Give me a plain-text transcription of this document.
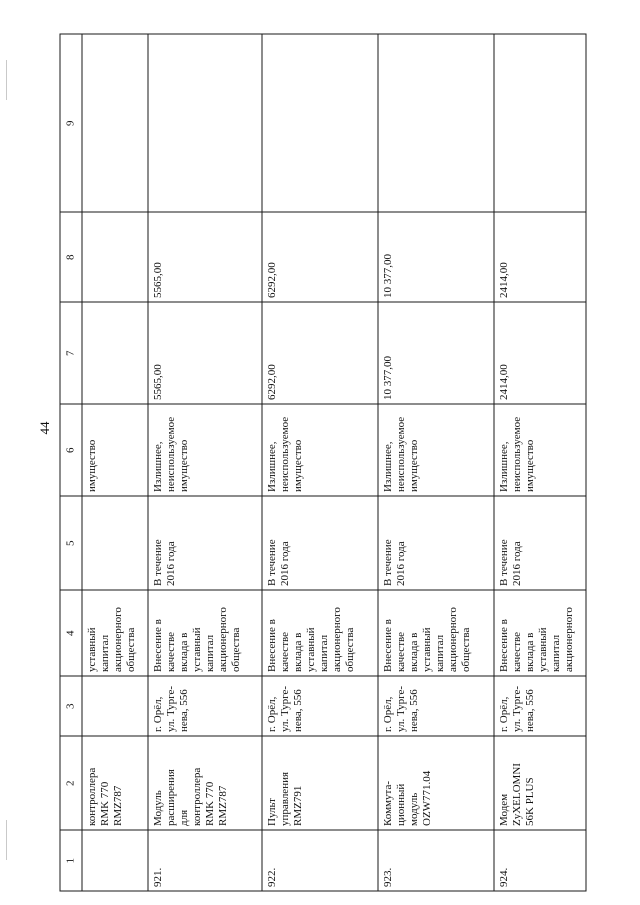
44
1
2
3
4
5
6
7
8
9
контроллера
RMK 770
RMZ787
уставный
капитал
акционерного
общества
имущество
921.
Модуль
расширения
для
контроллера
RMK 770
RMZ787
г. Орёл,
ул. Турге-
нева, 556
Внесение в
качестве
вклада в
уставный
капитал
акционерного
общества
В течение
2016 года
Излишнее,
неиспользуемое
имущество
5565,00
5565,00
922.
Пульт
управления
RMZ791
г. Орёл,
ул. Турге-
нева, 556
Внесение в
качестве
вклада в
уставный
капитал
акционерного
общества
В течение
2016 года
Излишнее,
неиспользуемое
имущество
6292,00
6292,00
923.
Коммута-
ционный
модуль
OZW771.04
г. Орёл,
ул. Турге-
нева, 556
Внесение в
качестве
вклада в
уставный
капитал
акционерного
общества
В течение
2016 года
Излишнее,
неиспользуемое
имущество
10 377,00
10 377,00
924.
Модем
ZyXELOMNI
56K PLUS
г. Орёл,
ул. Турге-
нева, 556
Внесение в
качестве
вклада в
уставный
капитал
акционерного
В течение
2016 года
Излишнее,
неиспользуемое
имущество
2414,00
2414,00
